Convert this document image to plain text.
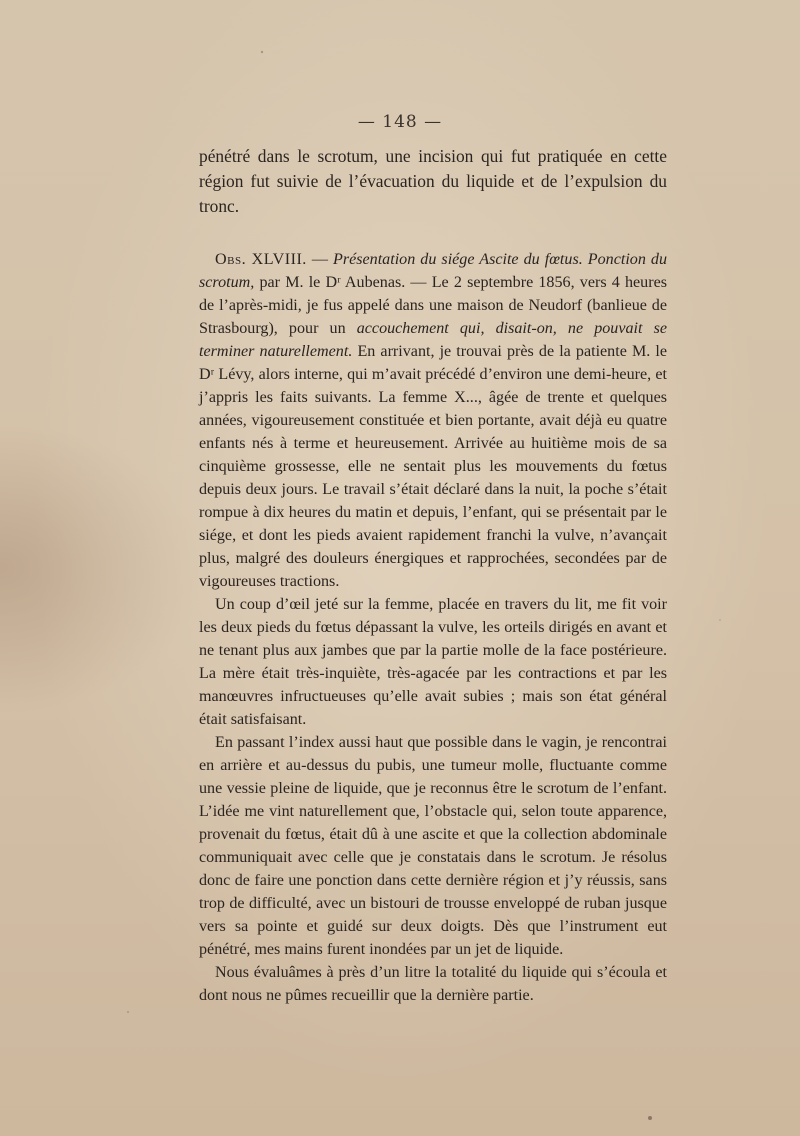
— 148 —

pénétré dans le scrotum, une incision qui fut pratiquée en cette région fut suivie de l’évacuation du liquide et de l’expulsion du tronc.

Obs. XLVIII. — Présentation du siége Ascite du fœtus. Ponction du scrotum, par M. le Dʳ Aubenas. — Le 2 septembre 1856, vers 4 heures de l’après-midi, je fus appelé dans une maison de Neudorf (banlieue de Strasbourg), pour un accouchement qui, disait-on, ne pouvait se terminer naturellement. En arrivant, je trouvai près de la patiente M. le Dʳ Lévy, alors interne, qui m’avait précédé d’environ une demi-heure, et j’appris les faits suivants. La femme X..., âgée de trente et quelques années, vigoureusement constituée et bien portante, avait déjà eu quatre enfants nés à terme et heureusement. Arrivée au huitième mois de sa cinquième grossesse, elle ne sentait plus les mouvements du fœtus depuis deux jours. Le travail s’était déclaré dans la nuit, la poche s’était rompue à dix heures du matin et depuis, l’enfant, qui se présentait par le siége, et dont les pieds avaient rapidement franchi la vulve, n’avançait plus, malgré des douleurs énergiques et rapprochées, secondées par de vigoureuses tractions.

Un coup d’œil jeté sur la femme, placée en travers du lit, me fit voir les deux pieds du fœtus dépassant la vulve, les orteils dirigés en avant et ne tenant plus aux jambes que par la partie molle de la face postérieure. La mère était très-inquiète, très-agacée par les contractions et par les manœuvres infructueuses qu’elle avait subies ; mais son état général était satisfaisant.

En passant l’index aussi haut que possible dans le vagin, je rencontrai en arrière et au-dessus du pubis, une tumeur molle, fluctuante comme une vessie pleine de liquide, que je reconnus être le scrotum de l’enfant. L’idée me vint naturellement que, l’obstacle qui, selon toute apparence, provenait du fœtus, était dû à une ascite et que la collection abdominale communiquait avec celle que je constatais dans le scrotum. Je résolus donc de faire une ponction dans cette dernière région et j’y réussis, sans trop de difficulté, avec un bistouri de trousse enveloppé de ruban jusque vers sa pointe et guidé sur deux doigts. Dès que l’instrument eut pénétré, mes mains furent inondées par un jet de liquide.

Nous évaluâmes à près d’un litre la totalité du liquide qui s’écoula et dont nous ne pûmes recueillir que la dernière partie.
